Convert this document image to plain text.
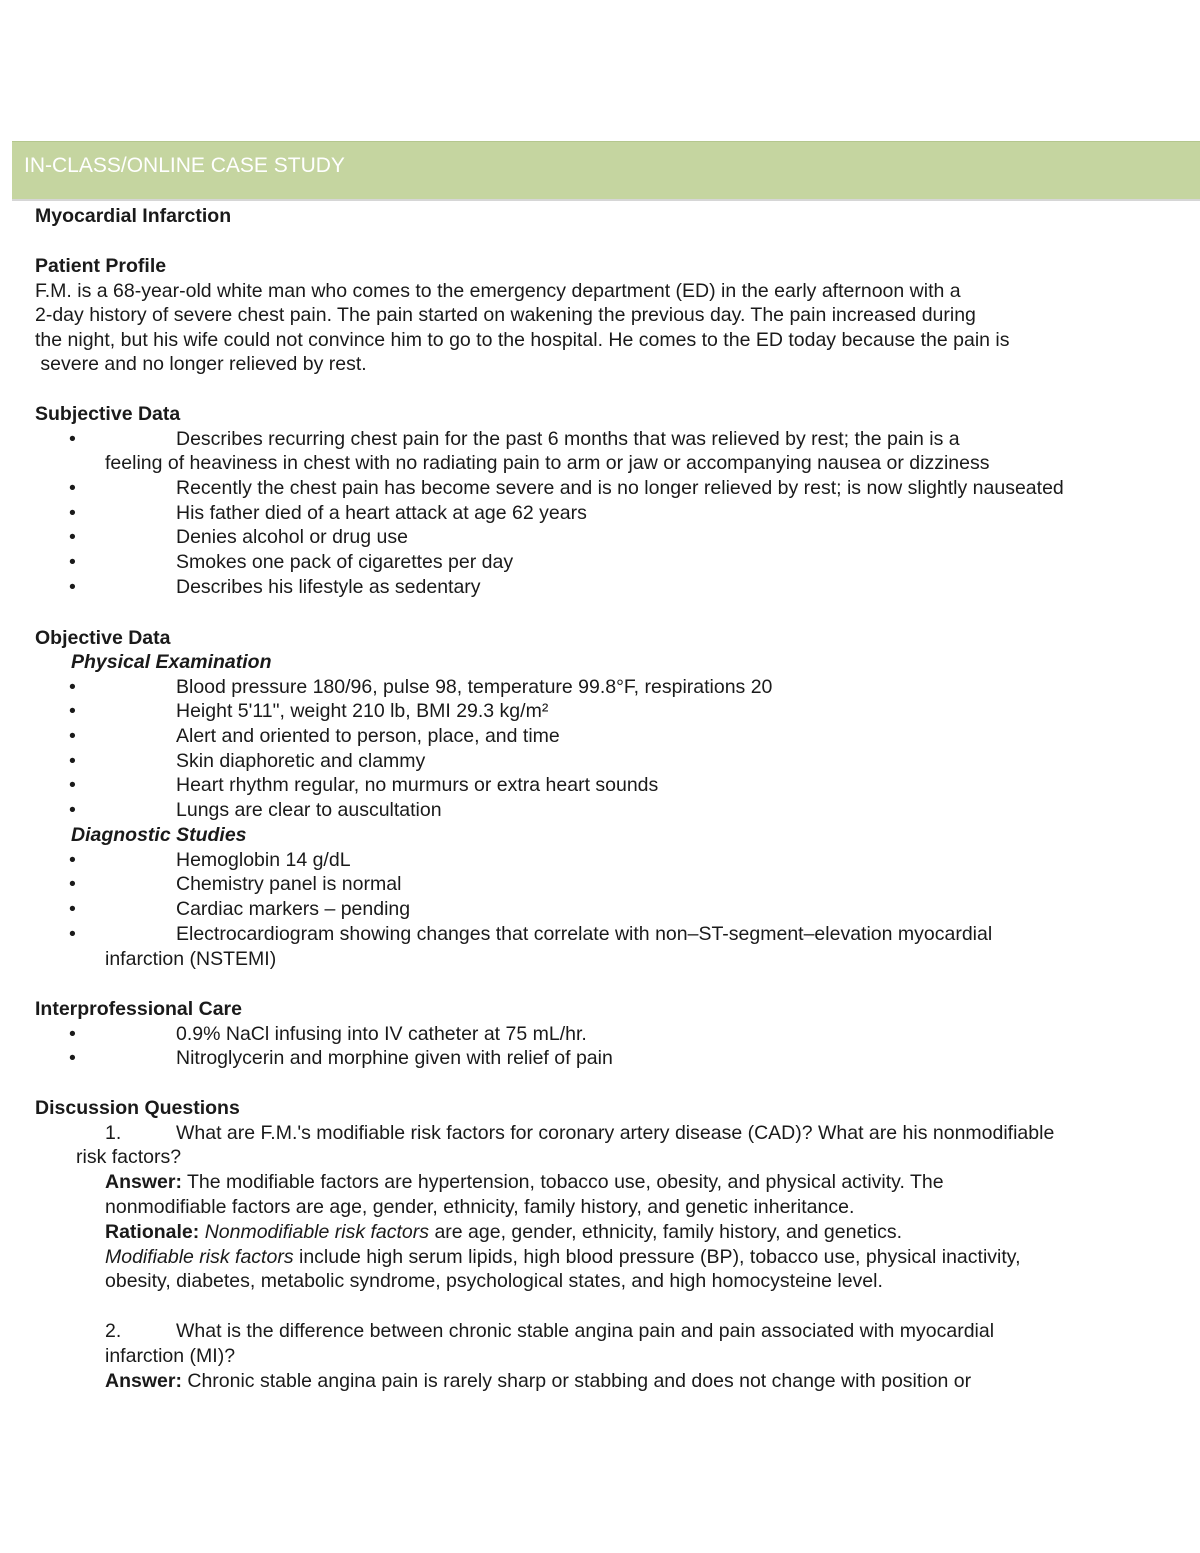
IN-CLASS/ONLINE CASE STUDY
Myocardial Infarction
Patient Profile
F.M. is a 68-year-old white man who comes to the emergency department (ED) in the early afternoon with a
2-day history of severe chest pain. The pain started on wakening the previous day. The pain increased during
the night, but his wife could not convince him to go to the hospital. He comes to the ED today because the pain is
severe and no longer relieved by rest.
Subjective Data
•	Describes recurring chest pain for the past 6 months that was relieved by rest; the pain is a
feeling of heaviness in chest with no radiating pain to arm or jaw or accompanying nausea or dizziness
•	Recently the chest pain has become severe and is no longer relieved by rest; is now slightly nauseated
•	His father died of a heart attack at age 62 years
•	Denies alcohol or drug use
•	Smokes one pack of cigarettes per day
•	Describes his lifestyle as sedentary
Objective Data
Physical Examination
•	Blood pressure 180/96, pulse 98, temperature 99.8°F, respirations 20
•	Height 5'11", weight 210 lb, BMI 29.3 kg/m²
•	Alert and oriented to person, place, and time
•	Skin diaphoretic and clammy
•	Heart rhythm regular, no murmurs or extra heart sounds
•	Lungs are clear to auscultation
Diagnostic Studies
•	Hemoglobin 14 g/dL
•	Chemistry panel is normal
•	Cardiac markers – pending
•	Electrocardiogram showing changes that correlate with non–ST-segment–elevation myocardial
infarction (NSTEMI)
Interprofessional Care
•	0.9% NaCl infusing into IV catheter at 75 mL/hr.
•	Nitroglycerin and morphine given with relief of pain
Discussion Questions
1.	What are F.M.'s modifiable risk factors for coronary artery disease (CAD)? What are his nonmodifiable
risk factors?
Answer: The modifiable factors are hypertension, tobacco use, obesity, and physical activity. The
nonmodifiable factors are age, gender, ethnicity, family history, and genetic inheritance.
Rationale: Nonmodifiable risk factors are age, gender, ethnicity, family history, and genetics.
Modifiable risk factors include high serum lipids, high blood pressure (BP), tobacco use, physical inactivity,
obesity, diabetes, metabolic syndrome, psychological states, and high homocysteine level.
2.	What is the difference between chronic stable angina pain and pain associated with myocardial
infarction (MI)?
Answer: Chronic stable angina pain is rarely sharp or stabbing and does not change with position or
